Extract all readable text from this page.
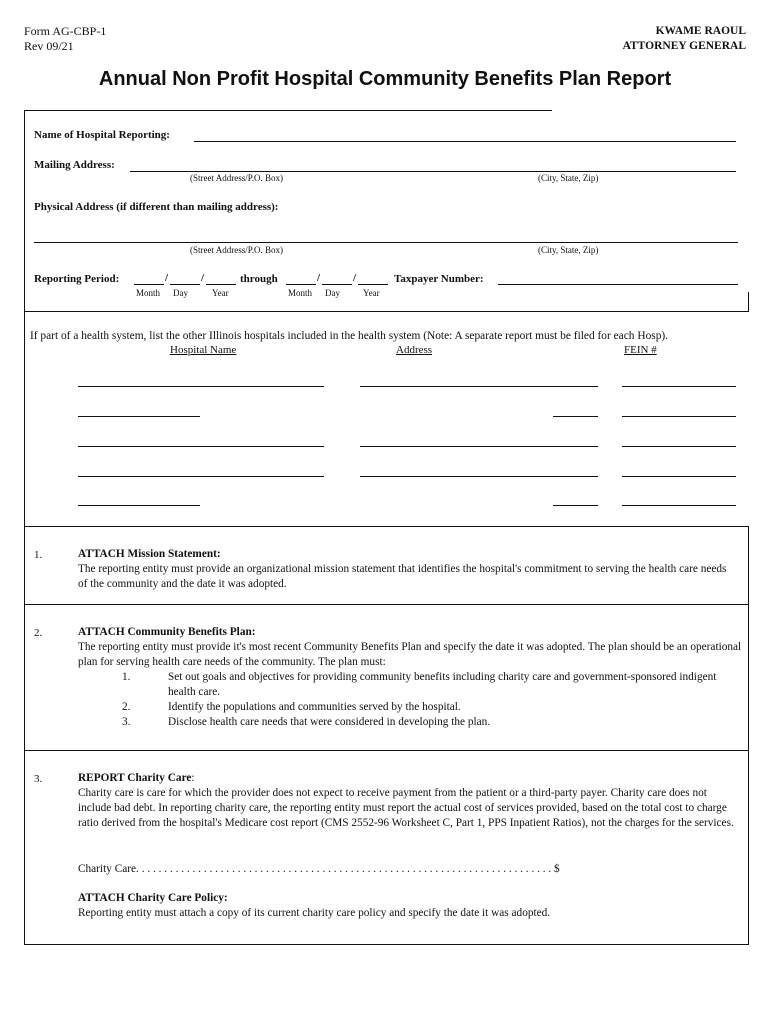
Form AG-CBP-1
Rev 09/21
KWAME RAOUL
ATTORNEY GENERAL
Annual Non Profit Hospital Community Benefits Plan Report
Name of Hospital Reporting:
Mailing Address:
(Street Address/P.O. Box)	(City, State, Zip)
Physical Address (if different than mailing address):
(Street Address/P.O. Box)	(City, State, Zip)
Reporting Period:	/	/	through	/	/	Taxpayer Number:
Month Day	Year	Month Day	Year
If part of a health system, list the other Illinois hospitals included in the health system (Note: A separate report must be filed for each Hosp).
Hospital Name	Address	FEIN #
1.	ATTACH Mission Statement:
The reporting entity must provide an organizational mission statement that identifies the hospital's commitment to serving the health care needs of the community and the date it was adopted.
2.	ATTACH Community Benefits Plan:
The reporting entity must provide it's most recent Community Benefits Plan and specify the date it was adopted. The plan should be an operational plan for serving health care needs of the community. The plan must:
1.	Set out goals and objectives for providing community benefits including charity care and government-sponsored indigent health care.
2.	Identify the populations and communities served by the hospital.
3.	Disclose health care needs that were considered in developing the plan.
3.	REPORT Charity Care:
Charity care is care for which the provider does not expect to receive payment from the patient or a third-party payer. Charity care does not include bad debt. In reporting charity care, the reporting entity must report the actual cost of services provided, based on the total cost to charge ratio derived from the hospital's Medicare cost report (CMS 2552-96 Worksheet C, Part 1, PPS Inpatient Ratios), not the charges for the services.
Charity Care. . . . . . . . . . . . . . . . . . . . . . . . . . . . . . . . . . . . . . . . . . . . . . . . . . . . . . . . . . . . . . . . . . . . . . . . . . $
ATTACH Charity Care Policy:
Reporting entity must attach a copy of its current charity care policy and specify the date it was adopted.
